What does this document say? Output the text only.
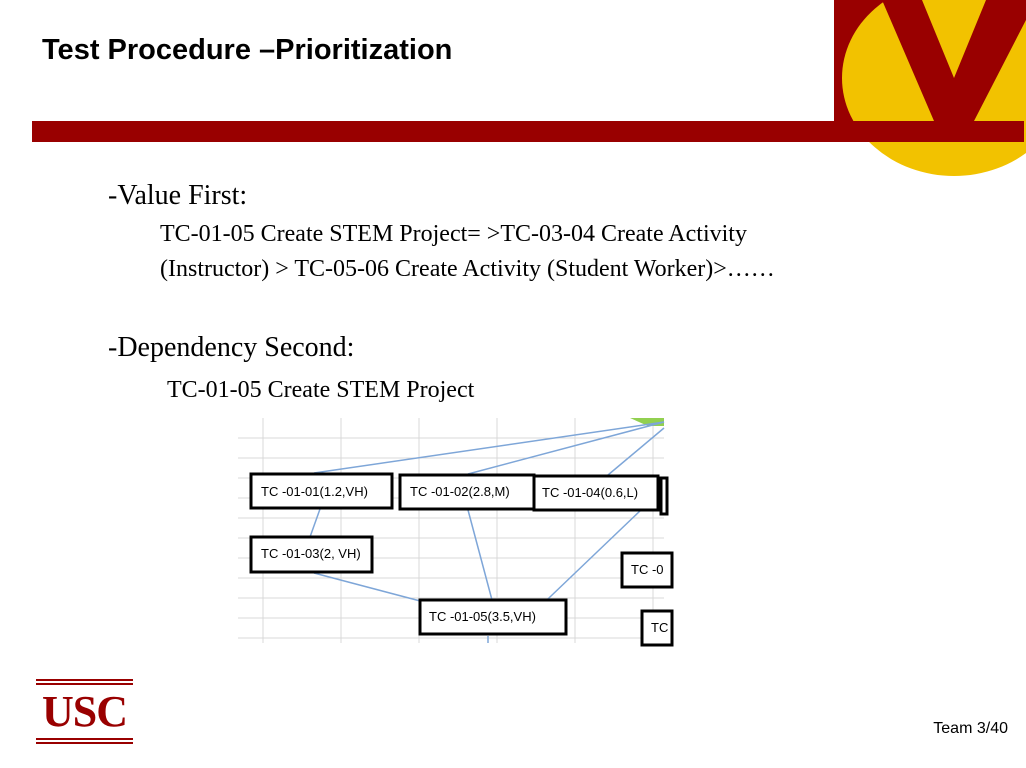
Test Procedure –Prioritization
-Value First:
TC-01-05 Create STEM Project= >TC-03-04 Create Activity
(Instructor) > TC-05-06 Create Activity (Student Worker)>……
-Dependency Second:
TC-01-05 Create STEM Project
TC -01-01(1.2,VH)	TC -01-02(2.8,M) TC -01-04(0.6,L)
TC -01-03(2, VH)
TC -0
TC -01-05(3.5,VH)
TC
USC	Team 3/40
